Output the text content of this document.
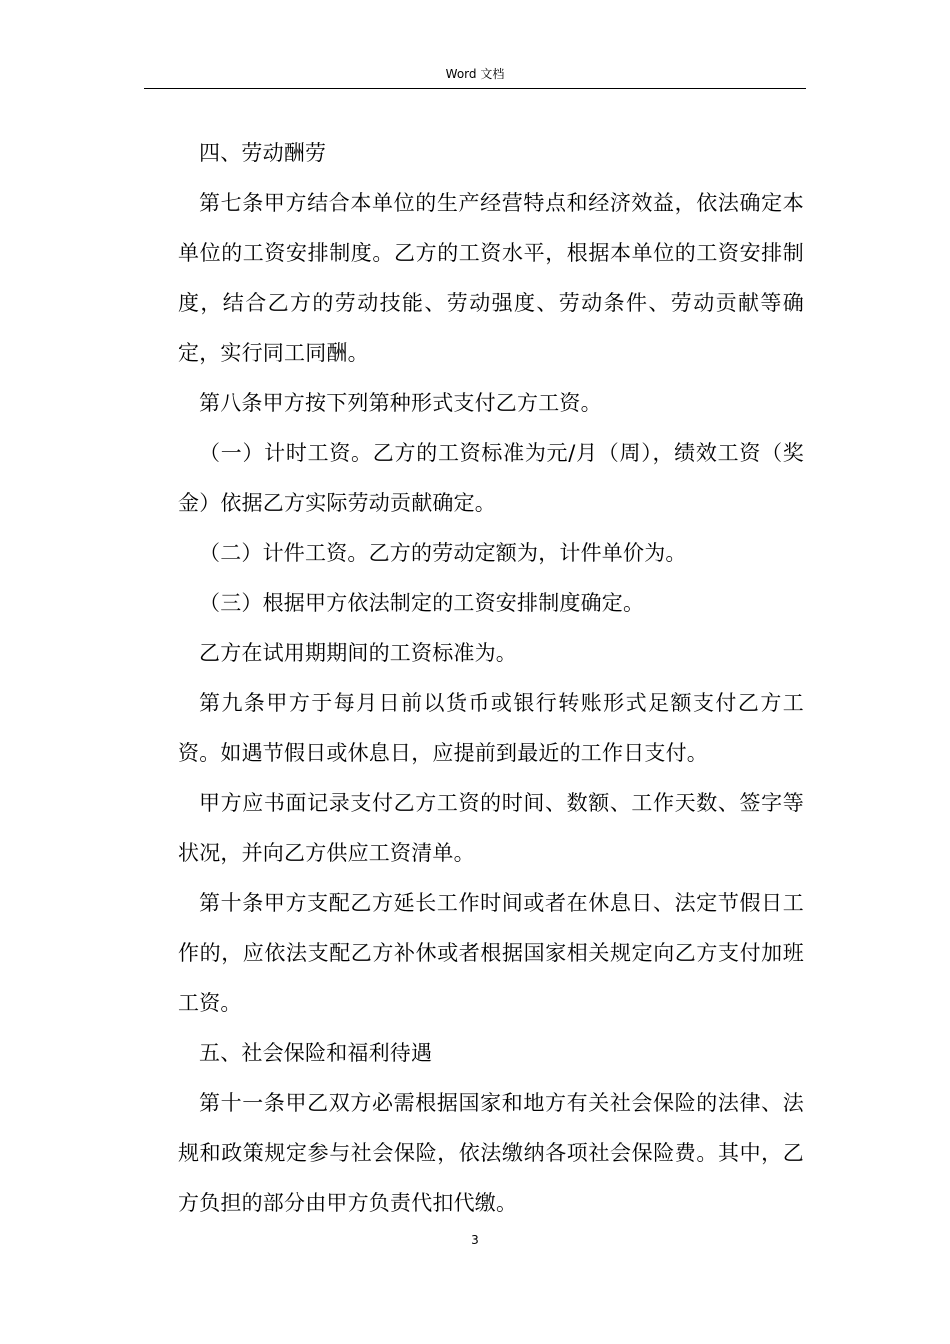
Word 文档

四、劳动酬劳

第七条甲方结合本单位的生产经营特点和经济效益，依法确定本单位的工资安排制度。乙方的工资水平，根据本单位的工资安排制度，结合乙方的劳动技能、劳动强度、劳动条件、劳动贡献等确定，实行同工同酬。

第八条甲方按下列第种形式支付乙方工资。

（一）计时工资。乙方的工资标准为元/月（周），绩效工资（奖金）依据乙方实际劳动贡献确定。

（二）计件工资。乙方的劳动定额为，计件单价为。

（三）根据甲方依法制定的工资安排制度确定。

乙方在试用期期间的工资标准为。

第九条甲方于每月日前以货币或银行转账形式足额支付乙方工资。如遇节假日或休息日，应提前到最近的工作日支付。

甲方应书面记录支付乙方工资的时间、数额、工作天数、签字等状况，并向乙方供应工资清单。

第十条甲方支配乙方延长工作时间或者在休息日、法定节假日工作的，应依法支配乙方补休或者根据国家相关规定向乙方支付加班工资。

五、社会保险和福利待遇

第十一条甲乙双方必需根据国家和地方有关社会保险的法律、法规和政策规定参与社会保险，依法缴纳各项社会保险费。其中，乙方负担的部分由甲方负责代扣代缴。

3
